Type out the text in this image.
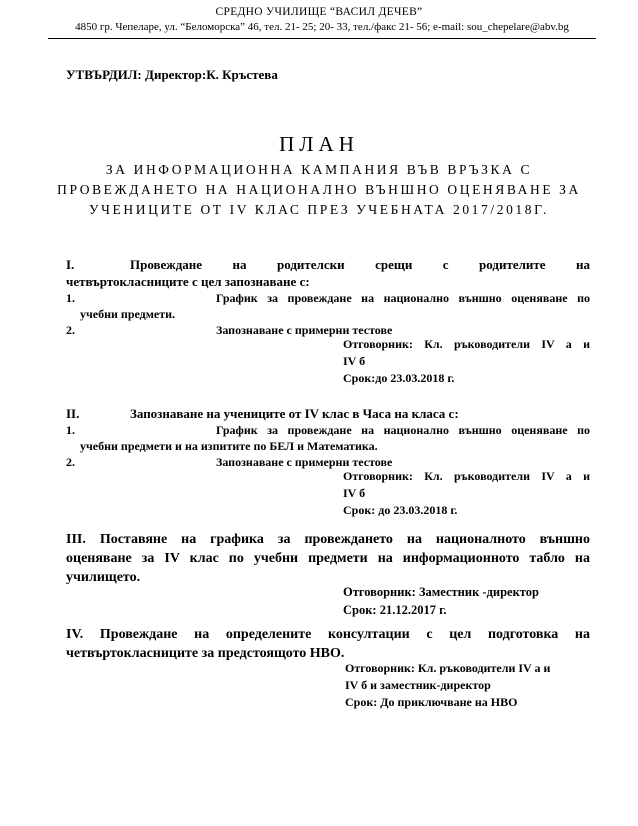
СРЕДНО УЧИЛИЩЕ “ВАСИЛ ДЕЧЕВ”
4850 гр. Чепеларе, ул. “Беломорска” 46, тел. 21- 25; 20- 33, тел./факс 21- 56; e-mail: sou_chepelare@abv.bg
УТВЪРДИЛ: Директор:К. Кръстева
ПЛАН
ЗА ИНФОРМАЦИОННА КАМПАНИЯ ВЪВ ВРЪЗКА С
ПРОВЕЖДАНЕТО НА НАЦИОНАЛНО ВЪНШНО ОЦЕНЯВАНЕ ЗА
УЧЕНИЦИТЕ ОТ IV КЛАС ПРЕЗ УЧЕБНАТА 2017/2018Г.
I.	Провеждане на родителски срещи с родителите на
четвъртокласниците с цел запознаване с:
1.	График за провеждане на национално външно оценяване по
учебни предмети.
2.	Запознаване с примерни тестове
Отговорник: Кл. ръководители IV а и
IV б
Срок:до 23.03.2018 г.
II.	Запознаване на учениците от IV клас в Часа на класа с:
1.	График за провеждане на национално външно оценяване по
учебни предмети и на изпитите по БЕЛ и Математика.
2.	Запознаване с примерни тестове
Отговорник: Кл. ръководители IV а и
IV б
Срок: до 23.03.2018 г.
III. Поставяне на графика за провеждането на националното външно
оценяване за IV клас по учебни предмети на информационното табло на
училището.
Отговорник: Заместник -директор
Срок: 21.12.2017 г.
IV. Провеждане на определените консултации с цел подготовка на
четвъртокласниците за предстоящото НВО.
Отговорник: Кл. ръководители IV а и
IV б и заместник-директор
Срок: До приключване на НВО
